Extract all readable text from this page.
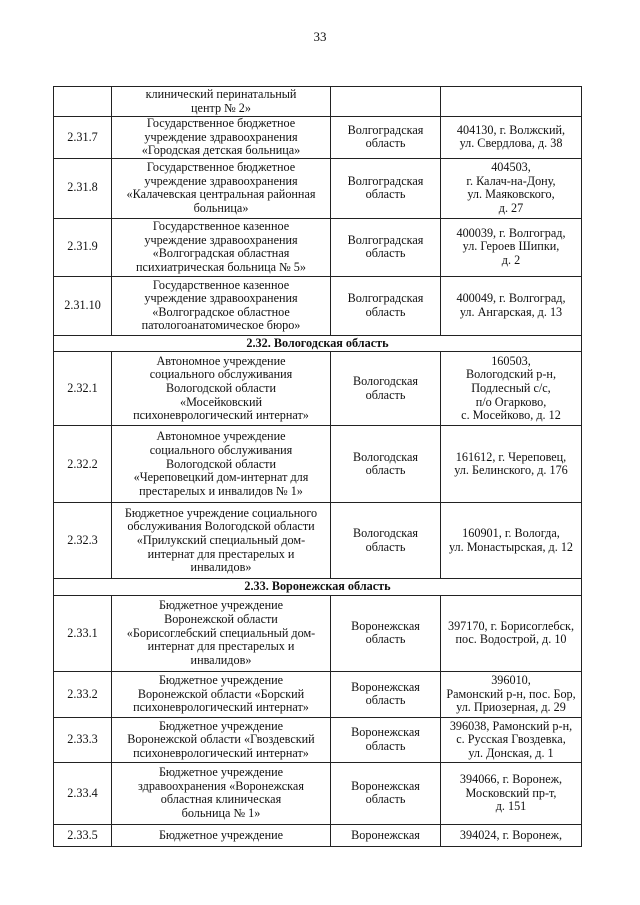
33
	клинический перинатальный
центр № 2»		
2.31.7	Государственное бюджетное
учреждение здравоохранения
«Городская детская больница»	Волгоградская
область	404130, г. Волжский,
ул. Свердлова, д. 38
2.31.8	Государственное бюджетное
учреждение здравоохранения
«Калачевская центральная районная
больница»	Волгоградская
область	404503,
г. Калач-на-Дону,
ул. Маяковского,
д. 27
2.31.9	Государственное казенное
учреждение здравоохранения
«Волгоградская областная
психиатрическая больница № 5»	Волгоградская
область	400039, г. Волгоград,
ул. Героев Шипки,
д. 2
2.31.10	Государственное казенное
учреждение здравоохранения
«Волгоградское областное
патологоанатомическое бюро»	Волгоградская
область	400049, г. Волгоград,
ул. Ангарская, д. 13
2.32. Вологодская область			
2.32.1	Автономное учреждение
социального обслуживания
Вологодской области
«Мосейковский
психоневрологический интернат»	Вологодская
область	160503,
Вологодский р-н,
Подлесный с/с,
п/о Огарково,
с. Мосейково, д. 12
2.32.2	Автономное учреждение
социального обслуживания
Вологодской области
«Череповецкий дом-интернат для
престарелых и инвалидов № 1»	Вологодская
область	161612, г. Череповец,
ул. Белинского, д. 176
2.32.3	Бюджетное учреждение социального
обслуживания Вологодской области
«Прилукский специальный дом-
интернат для престарелых и
инвалидов»	Вологодская
область	160901, г. Вологда,
ул. Монастырская, д. 12
2.33. Воронежская область			
2.33.1	Бюджетное учреждение
Воронежской области
«Борисоглебский специальный дом-
интернат для престарелых и
инвалидов»	Воронежская
область	397170, г. Борисоглебск,
пос. Водострой, д. 10
2.33.2	Бюджетное учреждение
Воронежской области «Борский
психоневрологический интернат»	Воронежская
область	396010,
Рамонский р-н, пос. Бор,
ул. Приозерная, д. 29
2.33.3	Бюджетное учреждение
Воронежской области «Гвоздевский
психоневрологический интернат»	Воронежская
область	396038, Рамонский р-н,
с. Русская Гвоздевка,
ул. Донская, д. 1
2.33.4	Бюджетное учреждение
здравоохранения «Воронежская
областная клиническая
больница № 1»	Воронежская
область	394066, г. Воронеж,
Московский пр-т,
д. 151
2.33.5	Бюджетное учреждение	Воронежская	394024, г. Воронеж,
